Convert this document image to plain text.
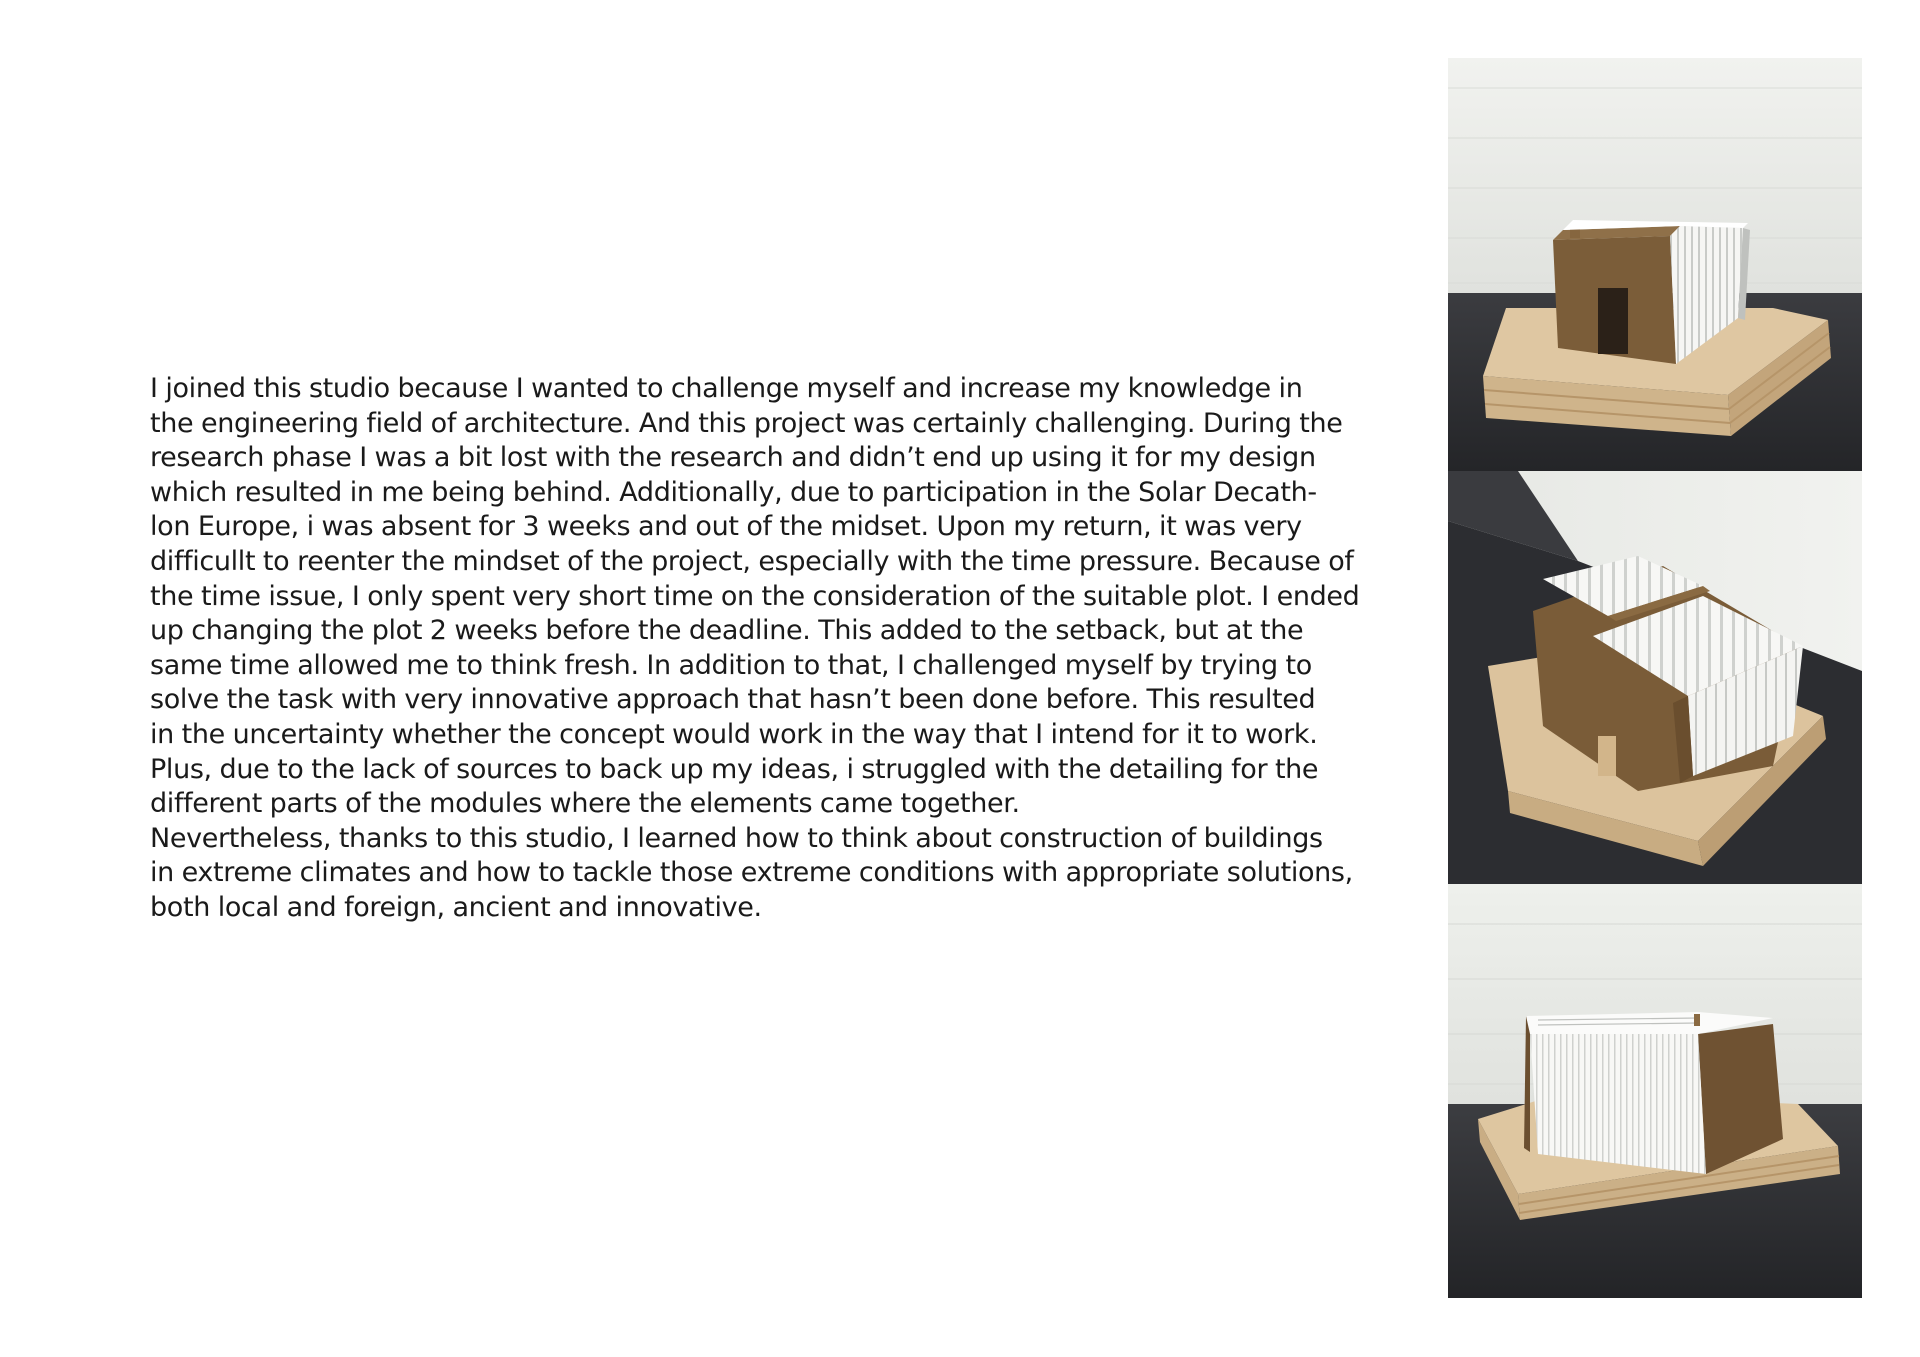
I joined this studio because I wanted to challenge myself and increase my knowledge in
the engineering field of architecture. And this project was certainly challenging. During the
research phase I was a bit lost with the research and didn’t end up using it for my design
which resulted in me being behind. Additionally, due to participation in the Solar Decath-
lon Europe, i was absent for 3 weeks and out of the midset. Upon my return, it was very
difficullt to reenter the mindset of the project, especially with the time pressure. Because of
the time issue, I only spent very short time on the consideration of the suitable plot. I ended
up changing the plot 2 weeks before the deadline. This added to the setback, but at the
same time allowed me to think fresh. In addition to that, I challenged myself by trying to
solve the task with very innovative approach that hasn’t been done before. This resulted
in the uncertainty whether the concept would work in the way that I intend for it to work.
Plus, due to the lack of sources to back up my ideas, i struggled with the detailing for the
different parts of the modules where the elements came together.
Nevertheless, thanks to this studio, I learned how to think about construction of buildings
in extreme climates and how to tackle those extreme conditions with appropriate solutions,
both local and foreign, ancient and innovative.
